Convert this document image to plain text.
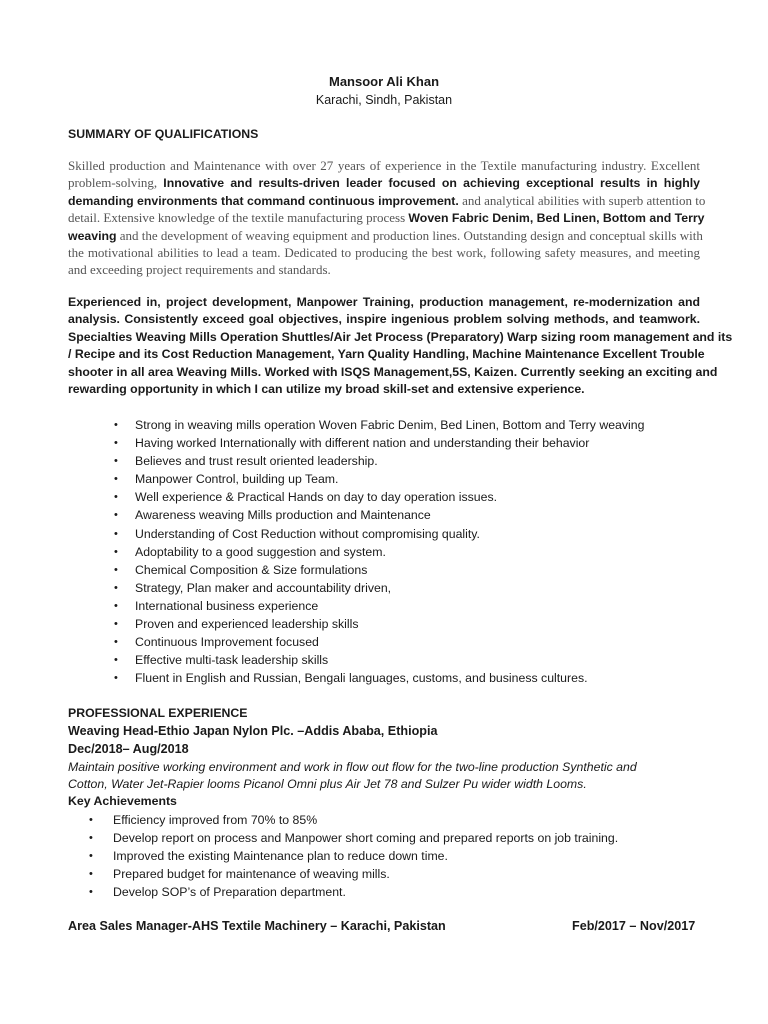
Mansoor Ali Khan
Karachi, Sindh, Pakistan
SUMMARY OF QUALIFICATIONS
Skilled production and Maintenance with over 27 years of experience in the Textile manufacturing industry. Excellent
problem-solving, Innovative and results-driven leader focused on achieving exceptional results in highly
demanding environments that command continuous improvement. and analytical abilities with superb attention to
detail. Extensive knowledge of the textile manufacturing process Woven Fabric Denim, Bed Linen, Bottom and Terry
weaving and the development of weaving equipment and production lines. Outstanding design and conceptual skills with
the motivational abilities to lead a team. Dedicated to producing the best work, following safety measures, and meeting
and exceeding project requirements and standards.
Experienced in, project development, Manpower Training, production management, re-modernization and
analysis. Consistently exceed goal objectives, inspire ingenious problem solving methods, and teamwork.
Specialties Weaving Mills Operation Shuttles/Air Jet Process (Preparatory) Warp sizing room management and its
/ Recipe and its Cost Reduction Management, Yarn Quality Handling, Machine Maintenance Excellent Trouble
shooter in all area Weaving Mills. Worked with ISQS Management,5S, Kaizen. Currently seeking an exciting and
rewarding opportunity in which I can utilize my broad skill-set and extensive experience.
• Strong in weaving mills operation Woven Fabric Denim, Bed Linen, Bottom and Terry weaving
• Having worked Internationally with different nation and understanding their behavior
• Believes and trust result oriented leadership.
• Manpower Control, building up Team.
• Well experience & Practical Hands on day to day operation issues.
• Awareness weaving Mills production and Maintenance
• Understanding of Cost Reduction without compromising quality.
• Adoptability to a good suggestion and system.
• Chemical Composition & Size formulations
• Strategy, Plan maker and accountability driven,
• International business experience
• Proven and experienced leadership skills
• Continuous Improvement focused
• Effective multi-task leadership skills
• Fluent in English and Russian, Bengali languages, customs, and business cultures.
PROFESSIONAL EXPERIENCE
Weaving Head-Ethio Japan Nylon Plc. –Addis Ababa, Ethiopia
Dec/2018– Aug/2018
Maintain positive working environment and work in flow out flow for the two-line production Synthetic and
Cotton, Water Jet-Rapier looms Picanol Omni plus Air Jet 78 and Sulzer Pu wider width Looms.
Key Achievements
• Efficiency improved from 70% to 85%
• Develop report on process and Manpower short coming and prepared reports on job training.
• Improved the existing Maintenance plan to reduce down time.
• Prepared budget for maintenance of weaving mills.
• Develop SOP’s of Preparation department.
Area Sales Manager-AHS Textile Machinery – Karachi, Pakistan	Feb/2017 – Nov/2017
